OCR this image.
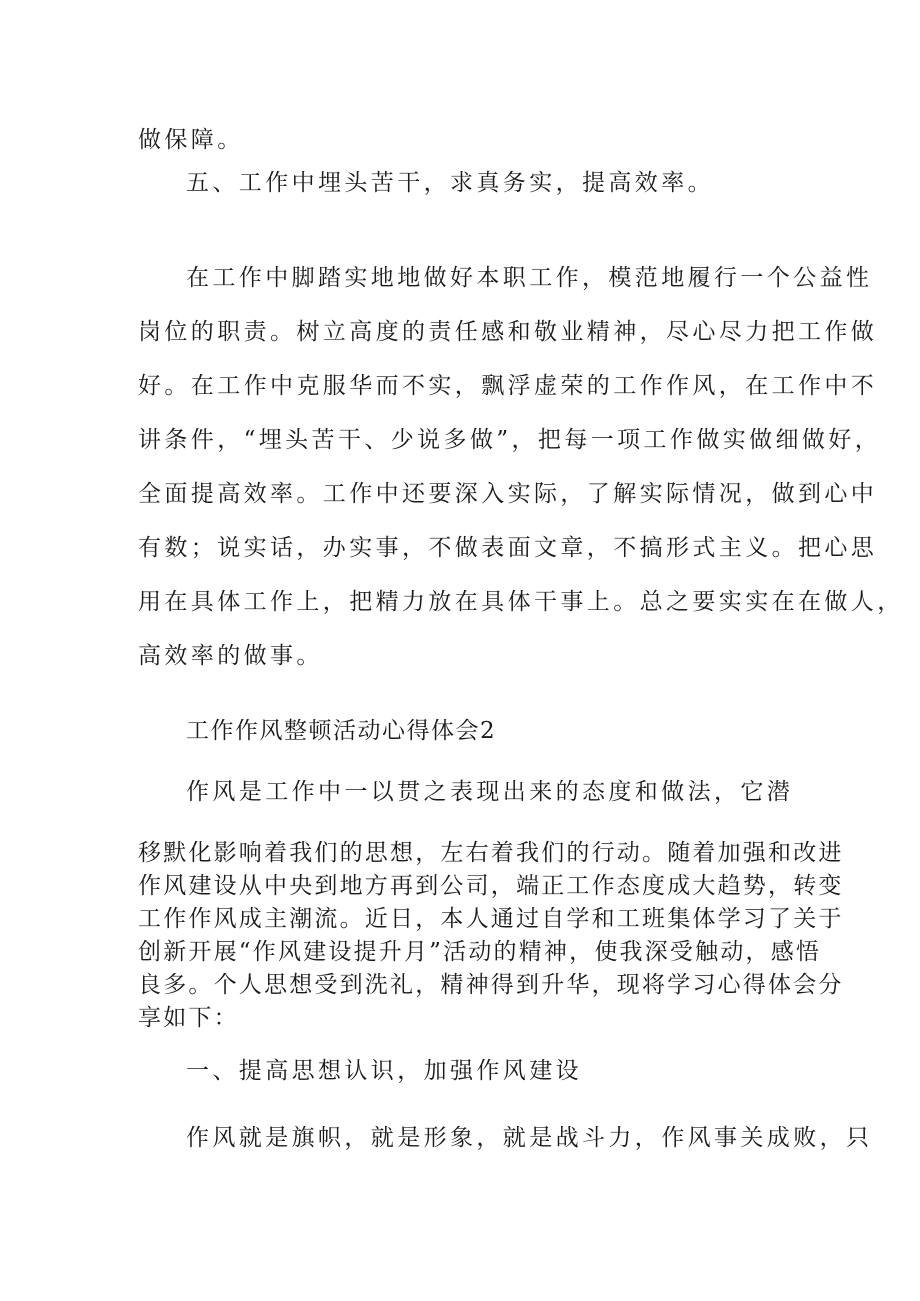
做保障。
五、工作中埋头苦干，求真务实，提高效率。
在工作中脚踏实地地做好本职工作，模范地履行一个公益性
岗位的职责。树立高度的责任感和敬业精神，尽心尽力把工作做
好。在工作中克服华而不实，飘浮虚荣的工作作风，在工作中不
讲条件，“埋头苦干、少说多做”，把每一项工作做实做细做好，
全面提高效率。工作中还要深入实际，了解实际情况，做到心中
有数；说实话，办实事，不做表面文章，不搞形式主义。把心思
用在具体工作上，把精力放在具体干事上。总之要实实在在做人，
高效率的做事。
工作作风整顿活动心得体会2
作风是工作中一以贯之表现出来的态度和做法，它潜
移默化影响着我们的思想，左右着我们的行动。随着加强和改进
作风建设从中央到地方再到公司，端正工作态度成大趋势，转变
工作作风成主潮流。近日，本人通过自学和工班集体学习了关于
创新开展“作风建设提升月”活动的精神，使我深受触动，感悟
良多。个人思想受到洗礼，精神得到升华，现将学习心得体会分
享如下：
一、提高思想认识，加强作风建设
作风就是旗帜，就是形象，就是战斗力，作风事关成败，只
